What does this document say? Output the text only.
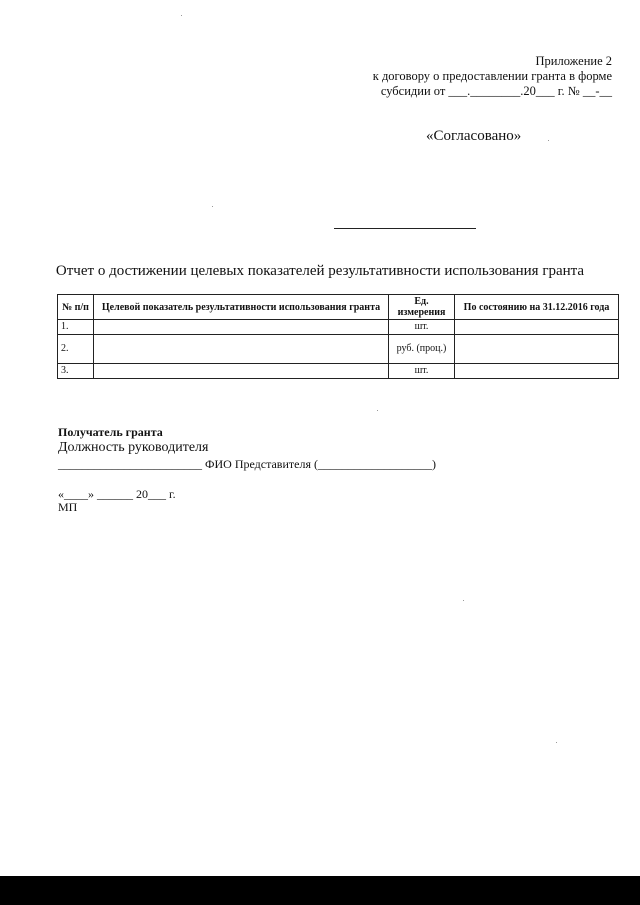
Приложение 2
к договору о предоставлении гранта в форме
субсидии от ___.________.20___ г. № __-__
«Согласовано»
Отчет о достижении целевых показателей результативности использования гранта
№ п/п	Целевой показатель результативности использования гранта	Ед. измерения	По состоянию на 31.12.2016 года
1.		шт.	
2.		руб. (проц.)	
3.		шт.	
Получатель гранта
Должность руководителя
________________________ ФИО Представителя (___________________)
«____» ______ 20___ г.
МП
